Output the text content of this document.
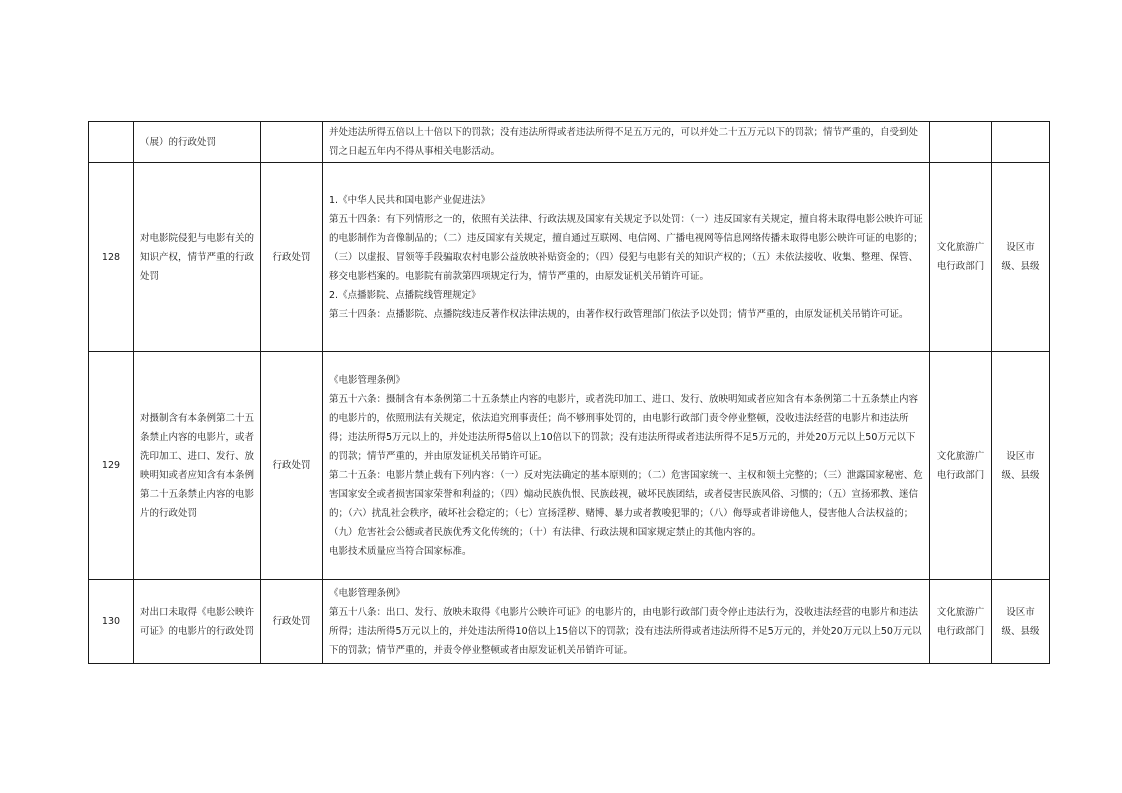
	（展）的行政处罚		并处违法所得五倍以上十倍以下的罚款；没有违法所得或者违法所得不足五万元的，可以并处二十五万元以下的罚款；情节严重的，自受到处罚之日起五年内不得从事相关电影活动。		

128	对电影院侵犯与电影有关的知识产权，情节严重的行政处罚	行政处罚	1.《中华人民共和国电影产业促进法》
第五十四条：有下列情形之一的，依照有关法律、行政法规及国家有关规定予以处罚：（一）违反国家有关规定，擅自将未取得电影公映许可证的电影制作为音像制品的；（二）违反国家有关规定，擅自通过互联网、电信网、广播电视网等信息网络传播未取得电影公映许可证的电影的；（三）以虚报、冒领等手段骗取农村电影公益放映补贴资金的；（四）侵犯与电影有关的知识产权的；（五）未依法接收、收集、整理、保管、移交电影档案的。电影院有前款第四项规定行为，情节严重的，由原发证机关吊销许可证。
2.《点播影院、点播院线管理规定》
第三十四条：点播影院、点播院线违反著作权法律法规的，由著作权行政管理部门依法予以处罚；情节严重的，由原发证机关吊销许可证。	文化旅游广电行政部门	设区市级、县级
129	对摄制含有本条例第二十五条禁止内容的电影片，或者洗印加工、进口、发行、放映明知或者应知含有本条例第二十五条禁止内容的电影片的行政处罚	行政处罚	《电影管理条例》
第五十六条：摄制含有本条例第二十五条禁止内容的电影片，或者洗印加工、进口、发行、放映明知或者应知含有本条例第二十五条禁止内容的电影片的，依照刑法有关规定，依法追究刑事责任；尚不够刑事处罚的，由电影行政部门责令停业整顿，没收违法经营的电影片和违法所得；违法所得5万元以上的，并处违法所得5倍以上10倍以下的罚款；没有违法所得或者违法所得不足5万元的，并处20万元以上50万元以下的罚款；情节严重的，并由原发证机关吊销许可证。
第二十五条：电影片禁止载有下列内容：（一）反对宪法确定的基本原则的；（二）危害国家统一、主权和领土完整的；（三）泄露国家秘密、危害国家安全或者损害国家荣誉和利益的；（四）煽动民族仇恨、民族歧视，破坏民族团结，或者侵害民族风俗、习惯的；（五）宣扬邪教、迷信的；（六）扰乱社会秩序，破坏社会稳定的；（七）宣扬淫秽、赌博、暴力或者教唆犯罪的；（八）侮辱或者诽谤他人，侵害他人合法权益的；（九）危害社会公德或者民族优秀文化传统的；（十）有法律、行政法规和国家规定禁止的其他内容的。
电影技术质量应当符合国家标准。	文化旅游广电行政部门	设区市级、县级
130	对出口未取得《电影公映许可证》的电影片的行政处罚	行政处罚	《电影管理条例》
第五十八条：出口、发行、放映未取得《电影片公映许可证》的电影片的，由电影行政部门责令停止违法行为，没收违法经营的电影片和违法所得；违法所得5万元以上的，并处违法所得10倍以上15倍以下的罚款；没有违法所得或者违法所得不足5万元的，并处20万元以上50万元以下的罚款；情节严重的，并责令停业整顿或者由原发证机关吊销许可证。	文化旅游广电行政部门	设区市级、县级
